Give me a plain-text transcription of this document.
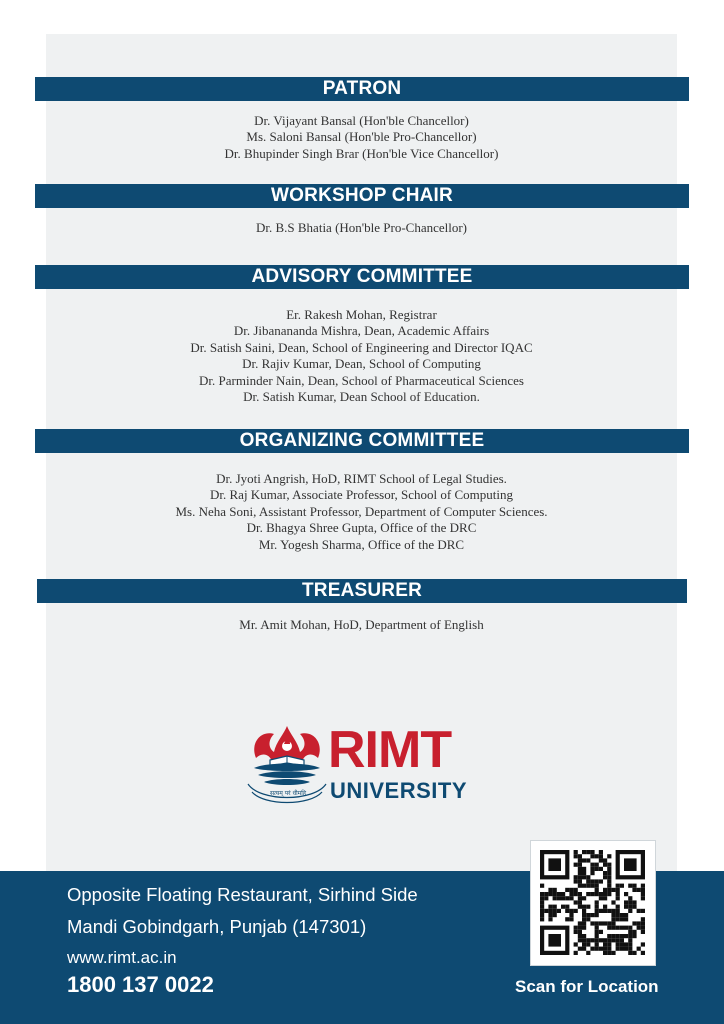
PATRON
Dr. Vijayant Bansal (Hon'ble Chancellor)
Ms. Saloni Bansal (Hon'ble Pro-Chancellor)
Dr. Bhupinder Singh Brar (Hon'ble Vice Chancellor)
WORKSHOP CHAIR
Dr. B.S Bhatia (Hon'ble Pro-Chancellor)
ADVISORY COMMITTEE
Er. Rakesh Mohan, Registrar
Dr. Jibanananda Mishra, Dean, Academic Affairs
Dr. Satish Saini, Dean, School of Engineering and Director IQAC
Dr. Rajiv Kumar, Dean, School of Computing
Dr. Parminder Nain, Dean, School of Pharmaceutical Sciences
Dr. Satish Kumar, Dean School of Education.
ORGANIZING COMMITTEE
Dr. Jyoti Angrish, HoD, RIMT School of Legal Studies.
Dr. Raj Kumar, Associate Professor, School of Computing
Ms. Neha Soni, Assistant Professor, Department of Computer Sciences.
Dr. Bhagya Shree Gupta, Office of the DRC
Mr. Yogesh Sharma, Office of the DRC
TREASURER
Mr. Amit Mohan, HoD, Department of English
सत्यम् परं धीमहि
RIMT
UNIVERSITY
Opposite Floating Restaurant, Sirhind Side
Mandi Gobindgarh, Punjab (147301)
www.rimt.ac.in
1800 137 0022	Scan for Location
